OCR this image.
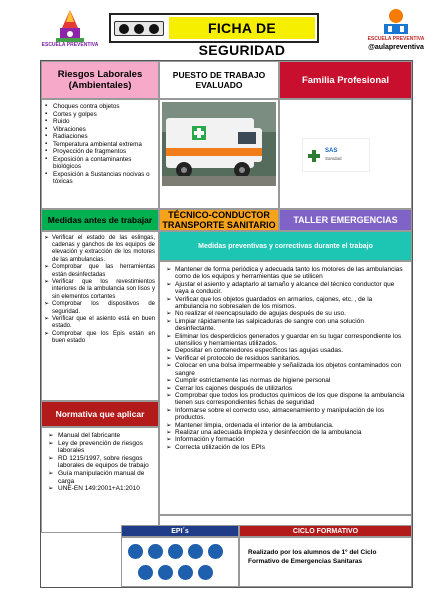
ESCUELA PREVENTIVA
FICHA DE SEGURIDAD
ESCUELA PREVENTIVA
@aulapreventiva
Riesgos Laborales (Ambientales)
PUESTO DE TRABAJO EVALUADO	Familia Profesional
▪ Choques contra objetos
▪ Cortes y golpes
▪ Ruido
▪ Vibraciones
▪ Radiaciones
▪ Temperatura ambiental extrema
▪ Proyección de fragmentos
▪ Exposición a contaminantes biológicos
▪ Exposición a Sustancias nocivas o tóxicas
SAS
Sanidad
Medidas antes de trabajar	TÉCNICO-CONDUCTOR TRANSPORTE SANITARIO	TALLER EMERGENCIAS
➢ Verificar el estado de las eslingas, cadenas y ganchos de los equipos de elevación y extracción de los motores de las ambulancias.
➢ Comprobar que las herramientas están desinfectadas
➢ Verificar que los revestimientos interiores de la ambulancia son lisos y sin elementos cortantes
➢ Comprobar los dispositivos de seguridad.
➢ Verificar que el asiento está en buen estado.
➢ Comprobar que los Epis están en buen estado
Medidas preventivas y correctivas durante el trabajo
➢ Mantener de forma periódica y adecuada tanto los motores de las ambulancias como de los equipos y herramientas que se utilicen
➢ Ajustar el asiento y adaptarlo al tamaño y alcance del técnico conductor que vaya a conducir.
➢ Verificar que los objetos guardados en armarios, cajones, etc. , de la ambulancia no sobresalen de los mismos.
➢ No realizar el reencapsulado de agujas después de su uso.
➢ Limpiar rápidamente las salpicaduras de sangre con una solución desinfectante.
➢ Eliminar los desperdicios generados y guardar en su lugar correspondiente los utensilios y herramientas utilizados.
➢ Depositar en contenedores específicos las agujas usadas.
➢ Verificar el protocolo de residuos sanitarios.
➢ Colocar en una bolsa impermeable y señalizada los objetos contaminados con sangre
➢ Cumplir estrictamente las normas de higiene personal
➢ Cerrar los cajones después de utilizarlos
➢ Comprobar que todos los productos químicos de los que dispone la ambulancia tienen sus correspondientes fichas de seguridad
➢ Informarse sobre el correcto uso, almacenamiento y manipulación de los productos.
➢ Mantener limpia, ordenada el interior de la ambulancia.
➢ Realizar una adecuada limpieza y desinfección de la ambulancia
➢ Información y formación
➢ Correcta utilización de los EPIs
Normativa que aplicar
➢ Manual del fabricante
➢ Ley de prevención de riesgos laborales
➢ RD 1215/1997, sobre riesgos laborales de equipos de trabajo
➢ Guía manipulación manual de carga
➢ UNE-EN 149:2001+A1:2010
EPI´s	CICLO FORMATIVO
Realizado por los alumnos de 1º del Ciclo Formativo de Emergencias Sanitaras
